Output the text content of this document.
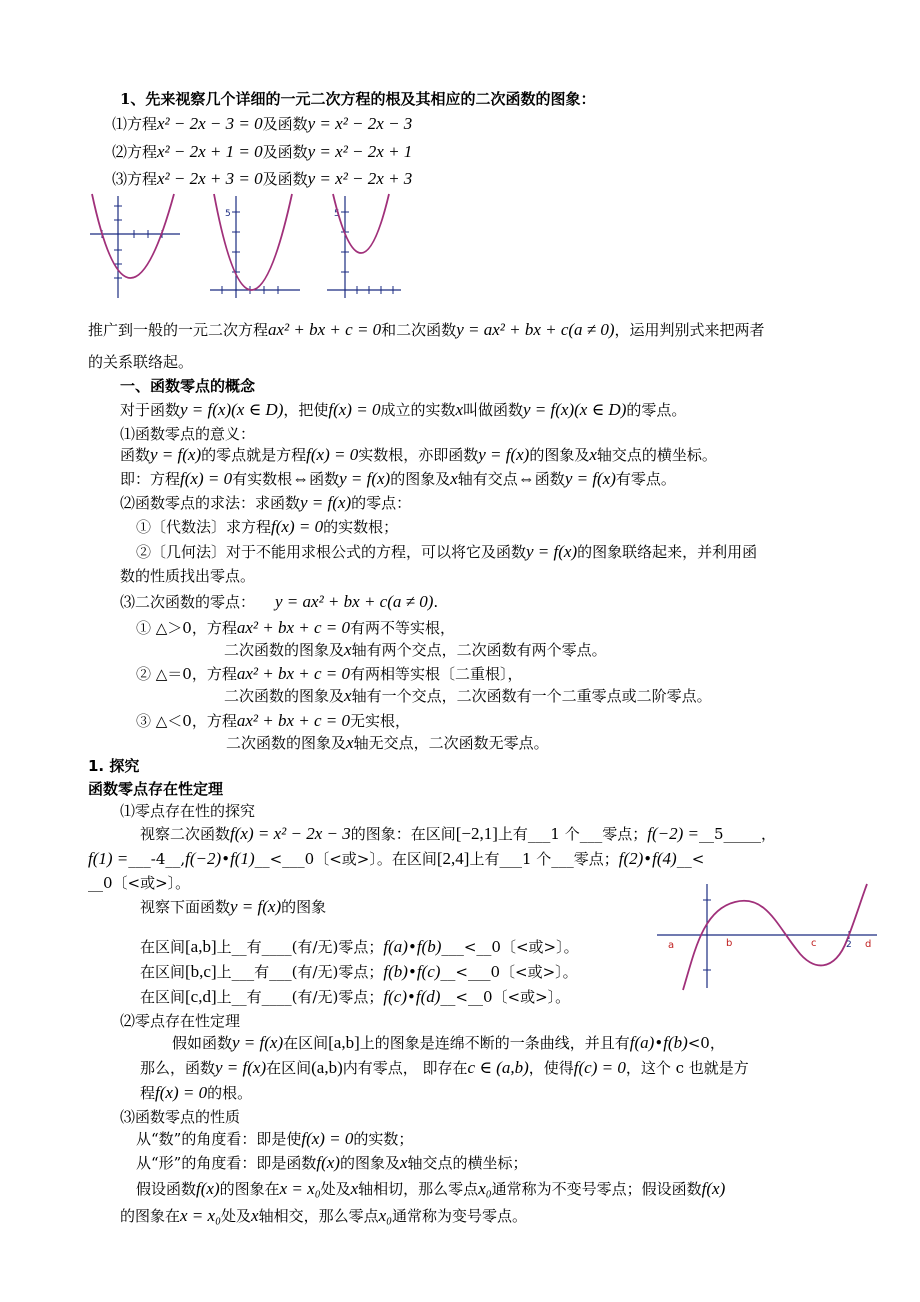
1、先来视察几个详细的一元二次方程的根及其相应的二次函数的图象：
⑴方程x² − 2x − 3 = 0及函数y = x² − 2x − 3
⑵方程x² − 2x + 1 = 0及函数y = x² − 2x + 1
⑶方程x² − 2x + 3 = 0及函数y = x² − 2x + 3
5	5
推广到一般的一元二次方程ax² + bx + c = 0和二次函数y = ax² + bx + c(a ≠ 0)，运用判别式来把两者
的关系联络起。
一、函数零点的概念
对于函数y = f(x)(x ∈ D)，把使f(x) = 0成立的实数x叫做函数y = f(x)(x ∈ D)的零点。
⑴函数零点的意义：
函数y = f(x)的零点就是方程f(x) = 0实数根，亦即函数y = f(x)的图象及x轴交点的横坐标。
即：方程f(x) = 0有实数根⇔函数y = f(x)的图象及x轴有交点⇔函数y = f(x)有零点。
⑵函数零点的求法：求函数y = f(x)的零点：
①〔代数法〕求方程f(x) = 0的实数根；
②〔几何法〕对于不能用求根公式的方程，可以将它及函数y = f(x)的图象联络起来，并利用函
数的性质找出零点。
⑶二次函数的零点： y = ax² + bx + c(a ≠ 0).
① △＞0，方程ax² + bx + c = 0有两不等实根，
二次函数的图象及x轴有两个交点，二次函数有两个零点。
② △＝0，方程ax² + bx + c = 0有两相等实根〔二重根〕，
二次函数的图象及x轴有一个交点，二次函数有一个二重零点或二阶零点。
③ △＜0，方程ax² + bx + c = 0无实根，
二次函数的图象及x轴无交点，二次函数无零点。
1. 探究
函数零点存在性定理
⑴零点存在性的探究
视察二次函数f(x) = x² − 2x − 3的图象：在区间[−2,1]上有___1 个___零点；f(−2) =__5_____，
f(1) =___-4__,f(−2)•f(1)__<___0〔<或>〕。在区间[2,4]上有___1 个___零点；f(2)•f(4)__<
__0〔<或>〕。
视察下面函数y = f(x)的图象
在区间[a,b]上__有____(有/无)零点；f(a)•f(b)___<__0〔<或>〕。
在区间[b,c]上___有___(有/无)零点；f(b)•f(c)__<___0〔<或>〕。
在区间[c,d]上__有____(有/无)零点；f(c)•f(d)__<__0〔<或>〕。
a	b	c	2 d
⑵零点存在性定理
假如函数y = f(x)在区间[a,b]上的图象是连绵不断的一条曲线，并且有f(a)•f(b)<0，
那么，函数y = f(x)在区间(a,b)内有零点， 即存在c ∈ (a,b)，使得f(c) = 0，这个 c 也就是方
程f(x) = 0的根。
⑶函数零点的性质
从“数”的角度看：即是使f(x) = 0的实数；
从“形”的角度看：即是函数f(x)的图象及x轴交点的横坐标；
假设函数f(x)的图象在x = x₀处及x轴相切，那么零点x₀通常称为不变号零点；假设函数f(x)
的图象在x = x₀处及x轴相交，那么零点x₀通常称为变号零点。
